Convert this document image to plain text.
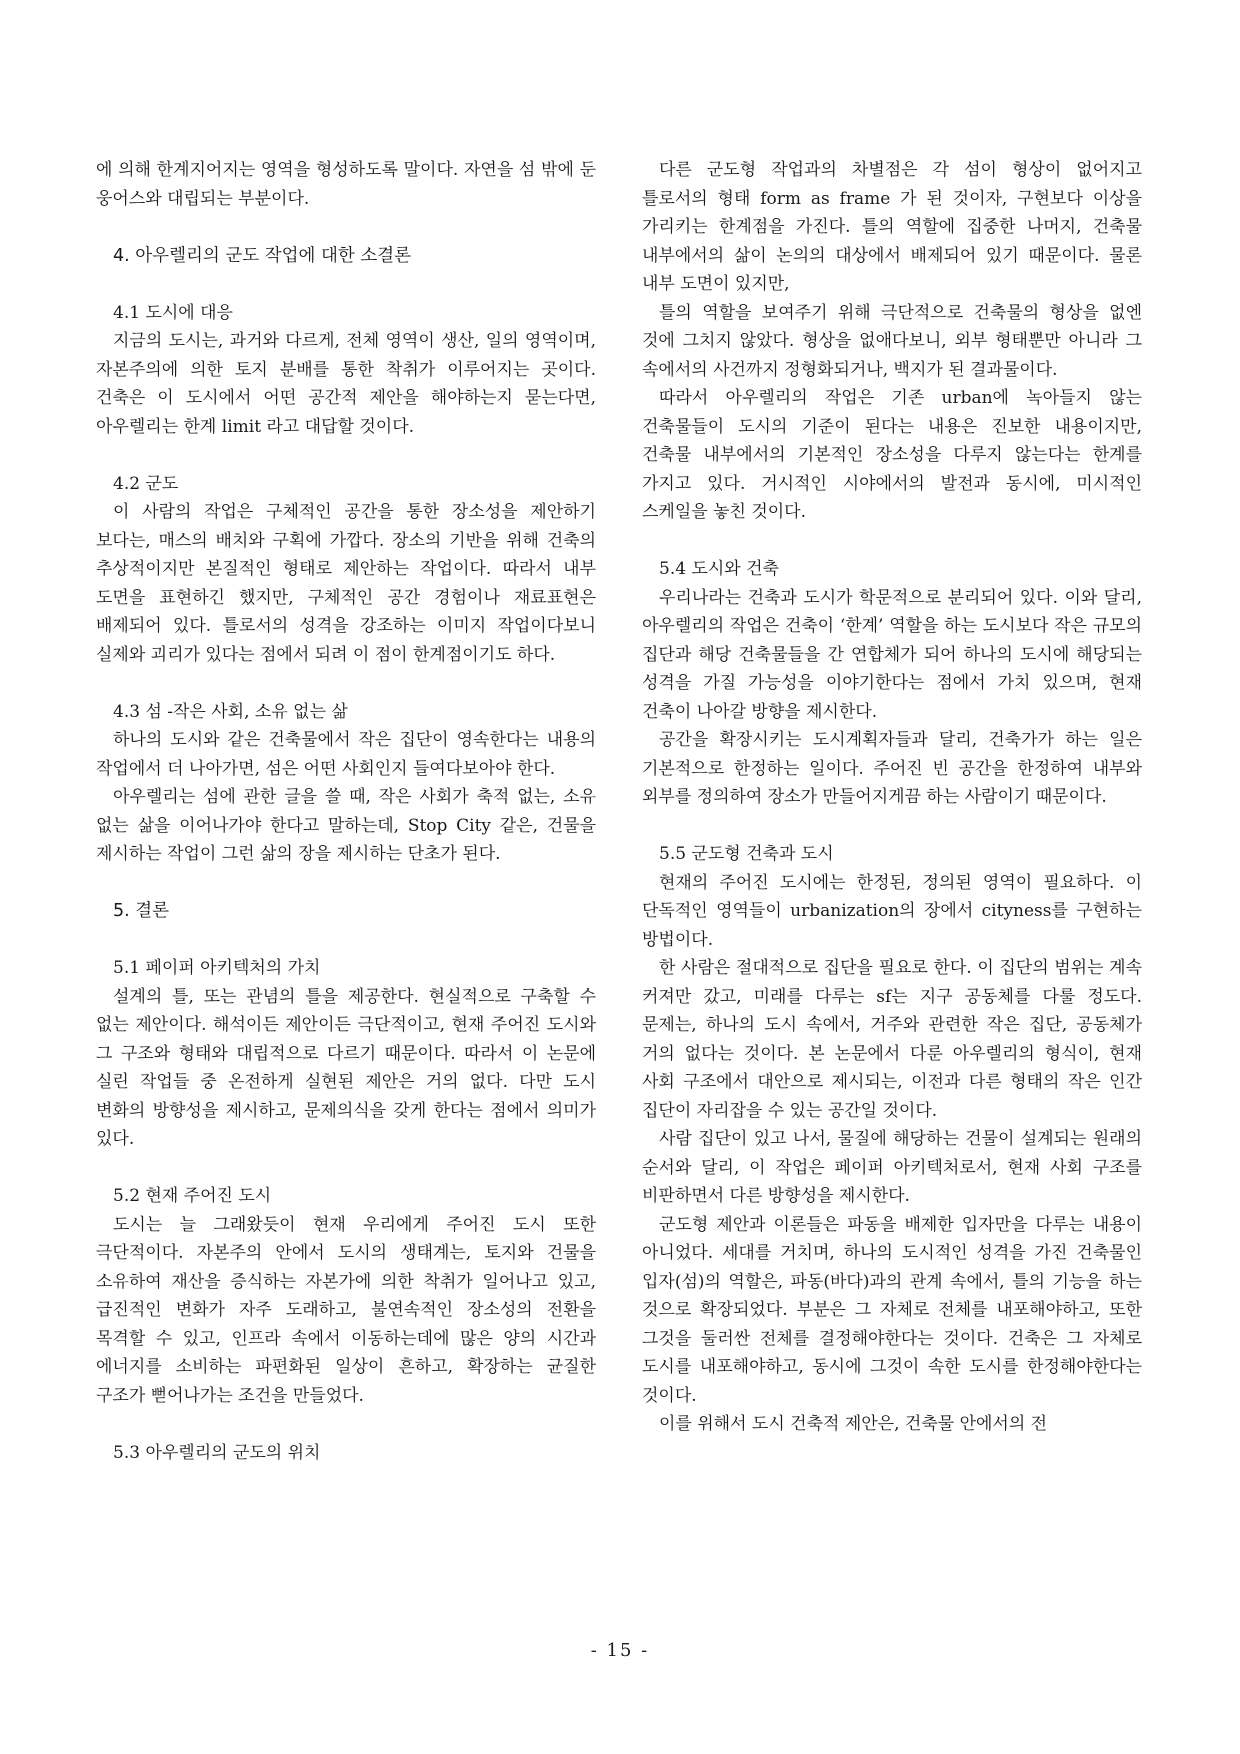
에 의해 한계지어지는 영역을 형성하도록 말이다. 자연을 섬 밖에 둔 웅어스와 대립되는 부분이다.

4. 아우렐리의 군도 작업에 대한 소결론

4.1 도시에 대응

지금의 도시는, 과거와 다르게, 전체 영역이 생산, 일의 영역이며, 자본주의에 의한 토지 분배를 통한 착취가 이루어지는 곳이다. 건축은 이 도시에서 어떤 공간적 제안을 해야하는지 묻는다면, 아우렐리는 한계 limit 라고 대답할 것이다.

4.2 군도

이 사람의 작업은 구체적인 공간을 통한 장소성을 제안하기 보다는, 매스의 배치와 구획에 가깝다. 장소의 기반을 위해 건축의 추상적이지만 본질적인 형태로 제안하는 작업이다. 따라서 내부 도면을 표현하긴 했지만, 구체적인 공간 경험이나 재료표현은 배제되어 있다. 틀로서의 성격을 강조하는 이미지 작업이다보니 실제와 괴리가 있다는 점에서 되려 이 점이 한계점이기도 하다.

4.3 섬 -작은 사회, 소유 없는 삶

하나의 도시와 같은 건축물에서 작은 집단이 영속한다는 내용의 작업에서 더 나아가면, 섬은 어떤 사회인지 들여다보아야 한다.

아우렐리는 섬에 관한 글을 쓸 때, 작은 사회가 축적 없는, 소유 없는 삶을 이어나가야 한다고 말하는데, Stop City 같은, 건물을 제시하는 작업이 그런 삶의 장을 제시하는 단초가 된다.

5. 결론

5.1 페이퍼 아키텍처의 가치

설계의 틀, 또는 관념의 틀을 제공한다. 현실적으로 구축할 수 없는 제안이다. 해석이든 제안이든 극단적이고, 현재 주어진 도시와 그 구조와 형태와 대립적으로 다르기 때문이다. 따라서 이 논문에 실린 작업들 중 온전하게 실현된 제안은 거의 없다. 다만 도시 변화의 방향성을 제시하고, 문제의식을 갖게 한다는 점에서 의미가 있다.

5.2 현재 주어진 도시

도시는 늘 그래왔듯이 현재 우리에게 주어진 도시 또한 극단적이다. 자본주의 안에서 도시의 생태계는, 토지와 건물을 소유하여 재산을 증식하는 자본가에 의한 착취가 일어나고 있고, 급진적인 변화가 자주 도래하고, 불연속적인 장소성의 전환을 목격할 수 있고, 인프라 속에서 이동하는데에 많은 양의 시간과 에너지를 소비하는 파편화된 일상이 흔하고, 확장하는 균질한 구조가 뻗어나가는 조건을 만들었다.

5.3 아우렐리의 군도의 위치

다른 군도형 작업과의 차별점은 각 섬이 형상이 없어지고 틀로서의 형태 form as frame 가 된 것이자, 구현보다 이상을 가리키는 한계점을 가진다. 틀의 역할에 집중한 나머지, 건축물 내부에서의 삶이 논의의 대상에서 배제되어 있기 때문이다. 물론 내부 도면이 있지만,

틀의 역할을 보여주기 위해 극단적으로 건축물의 형상을 없엔 것에 그치지 않았다. 형상을 없애다보니, 외부 형태뿐만 아니라 그 속에서의 사건까지 정형화되거나, 백지가 된 결과물이다.

따라서 아우렐리의 작업은 기존 urban에 녹아들지 않는 건축물들이 도시의 기준이 된다는 내용은 진보한 내용이지만, 건축물 내부에서의 기본적인 장소성을 다루지 않는다는 한계를 가지고 있다. 거시적인 시야에서의 발전과 동시에, 미시적인 스케일을 놓친 것이다.

5.4 도시와 건축

우리나라는 건축과 도시가 학문적으로 분리되어 있다. 이와 달리, 아우렐리의 작업은 건축이 ‘한계’ 역할을 하는 도시보다 작은 규모의 집단과 해당 건축물들을 간 연합체가 되어 하나의 도시에 해당되는 성격을 가질 가능성을 이야기한다는 점에서 가치 있으며, 현재 건축이 나아갈 방향을 제시한다.

공간을 확장시키는 도시계획자들과 달리, 건축가가 하는 일은 기본적으로 한정하는 일이다. 주어진 빈 공간을 한정하여 내부와 외부를 정의하여 장소가 만들어지게끔 하는 사람이기 때문이다.

5.5 군도형 건축과 도시

현재의 주어진 도시에는 한정된, 정의된 영역이 필요하다. 이 단독적인 영역들이 urbanization의 장에서 cityness를 구현하는 방법이다.

한 사람은 절대적으로 집단을 필요로 한다. 이 집단의 범위는 계속 커져만 갔고, 미래를 다루는 sf는 지구 공동체를 다룰 정도다. 문제는, 하나의 도시 속에서, 거주와 관련한 작은 집단, 공동체가 거의 없다는 것이다. 본 논문에서 다룬 아우렐리의 형식이, 현재 사회 구조에서 대안으로 제시되는, 이전과 다른 형태의 작은 인간 집단이 자리잡을 수 있는 공간일 것이다.

사람 집단이 있고 나서, 물질에 해당하는 건물이 설계되는 원래의 순서와 달리, 이 작업은 페이퍼 아키텍처로서, 현재 사회 구조를 비판하면서 다른 방향성을 제시한다.

군도형 제안과 이론들은 파동을 배제한 입자만을 다루는 내용이 아니었다. 세대를 거치며, 하나의 도시적인 성격을 가진 건축물인 입자(섬)의 역할은, 파동(바다)과의 관계 속에서, 틀의 기능을 하는 것으로 확장되었다. 부분은 그 자체로 전체를 내포해야하고, 또한 그것을 둘러싼 전체를 결정해야한다는 것이다. 건축은 그 자체로 도시를 내포해야하고, 동시에 그것이 속한 도시를 한정해야한다는 것이다.

이를 위해서 도시 건축적 제안은, 건축물 안에서의 전

- 15 -
